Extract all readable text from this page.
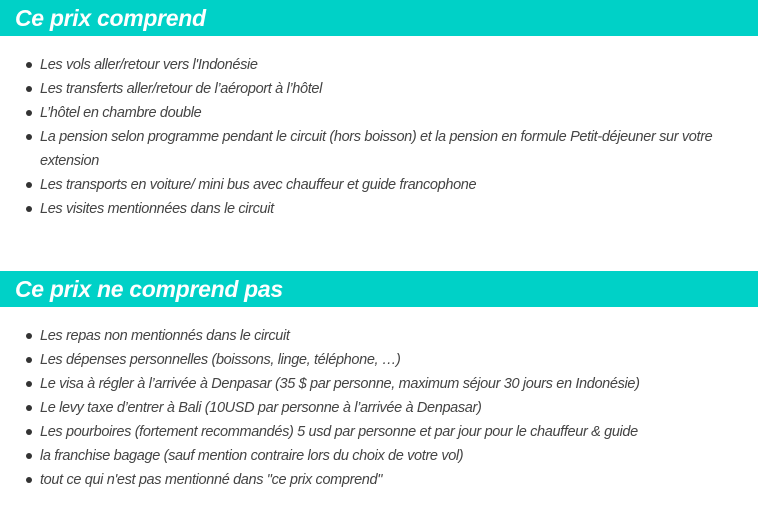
Ce prix comprend
Les vols aller/retour vers l'Indonésie
Les transferts aller/retour de l’aéroport à l’hôtel
L’hôtel en chambre double
La pension selon programme pendant le circuit (hors boisson) et la pension en formule Petit-déjeuner sur votre extension
Les transports en voiture/ mini bus avec chauffeur et guide francophone
Les visites mentionnées dans le circuit
Ce prix ne comprend pas
Les repas non mentionnés dans le circuit
Les dépenses personnelles (boissons, linge, téléphone, …)
Le visa à régler à l’arrivée à Denpasar (35 $ par personne, maximum séjour 30 jours en Indonésie)
Le levy taxe d’entrer à Bali (10USD par personne à l’arrivée à Denpasar)
Les pourboires (fortement recommandés) 5 usd par personne et par jour pour le chauffeur & guide
la franchise bagage (sauf mention contraire lors du choix de votre vol)
tout ce qui n'est pas mentionné dans "ce prix comprend"
